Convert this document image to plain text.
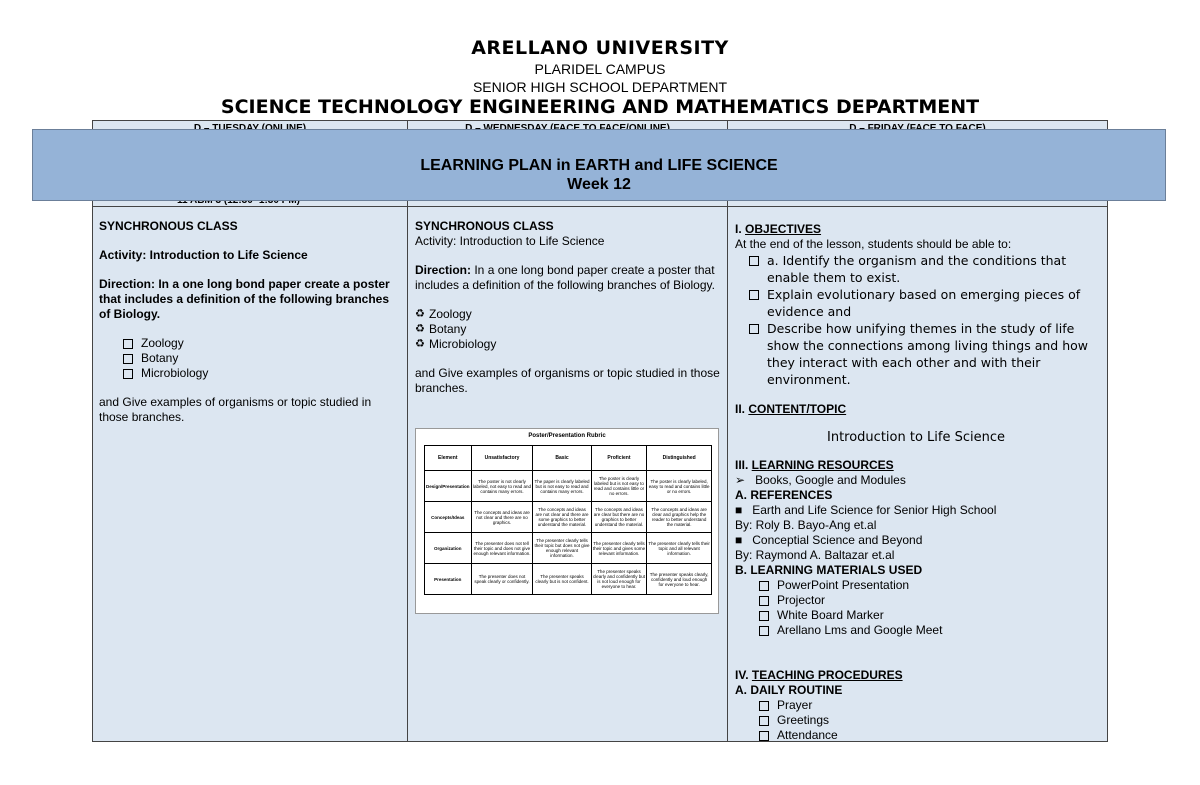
ARELLANO UNIVERSITY
PLARIDEL CAMPUS
SENIOR HIGH SCHOOL DEPARTMENT
SCIENCE TECHNOLOGY ENGINEERING AND MATHEMATICS DEPARTMENT
LEARNING PLAN in EARTH and LIFE SCIENCE
Week 12
SYNCHRONOUS CLASS
Activity: Introduction to Life Science
Direction: In a one long bond paper create a poster that includes a definition of the following branches of Biology.
Zoology
Botany
Microbiology
and Give examples of organisms or topic studied in those branches.
SYNCHRONOUS CLASS
Activity: Introduction to Life Science
Direction: In a one long bond paper create a poster that includes a definition of the following branches of Biology.
♻ Zoology
♻ Botany
♻ Microbiology
and Give examples of organisms or topic studied in those branches.
Poster/Presentation Rubric
Element	Unsatisfactory	Basic	Proficient	Distinguished
Design/Presentation	The poster is not clearly labeled, not easy to read and contains many errors.	The paper is clearly labeled but is not easy to read and contains many errors.	The poster is clearly labeled but is not easy to read and contains little or no errors.	The poster is clearly labeled, easy to read and contains little or no errors.
Concepts/Ideas	The concepts and ideas are not clear and there are no graphics.	The concepts and ideas are not clear and there are some graphics to better understand the material.	The concepts and ideas are clear but there are no graphics to better understand the material.	The concepts and ideas are clear and graphics help the reader to better understand the material.
Organization	The presenter does not tell their topic and does not give enough relevant information.	The presenter clearly tells their topic but does not give enough relevant information.	The presenter clearly tells their topic and gives some relevant information.	The presenter clearly tells their topic and all relevant information.
Presentation	The presenter does not speak clearly or confidently.	The presenter speaks clearly but is not confident.	The presenter speaks clearly and confidently but is not loud enough for everyone to hear.	The presenter speaks clearly, confidently and loud enough for everyone to hear.
I. OBJECTIVES
At the end of the lesson, students should be able to:
a. Identify the organism and the conditions that enable them to exist.
Explain evolutionary based on emerging pieces of evidence and
Describe how unifying themes in the study of life show the connections among living things and how they interact with each other and with their environment.
II. CONTENT/TOPIC
Introduction to Life Science
III. LEARNING RESOURCES
➢   Books, Google and Modules
A. REFERENCES
■   Earth and Life Science for Senior High School
By: Roly B. Bayo-Ang et.al
■   Conceptial Science and Beyond
By: Raymond A. Baltazar et.al
B. LEARNING MATERIALS USED
PowerPoint Presentation
Projector
White Board Marker
Arellano Lms and Google Meet
IV. TEACHING PROCEDURES
A. DAILY ROUTINE
Prayer
Greetings
Attendance
